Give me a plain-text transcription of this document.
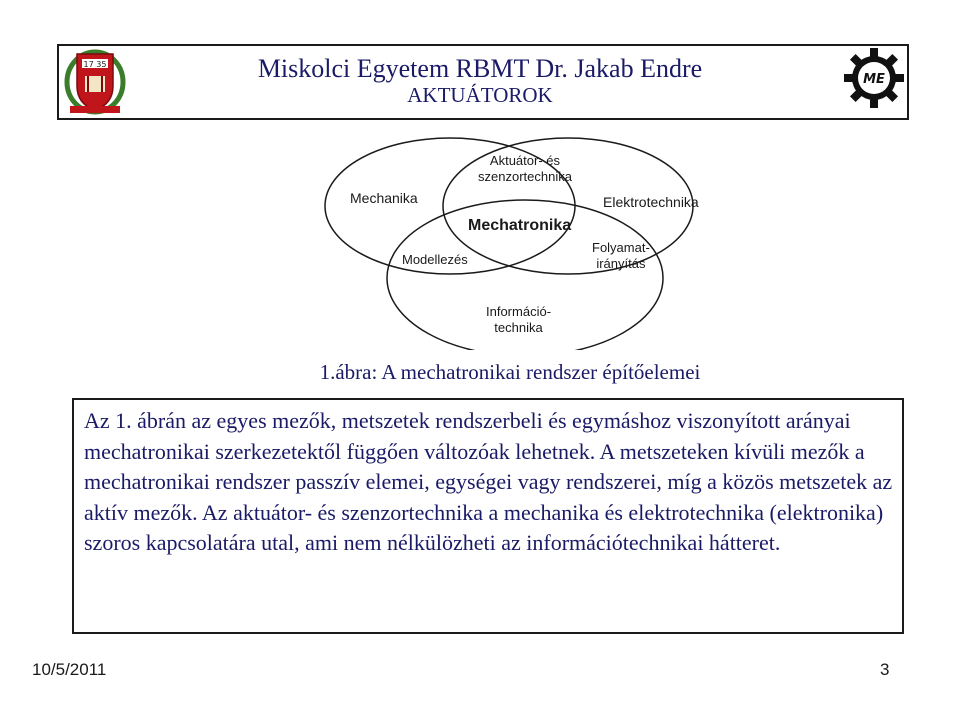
17 35
ME
Miskolci Egyetem RBMT Dr. Jakab Endre
AKTUÁTOROK
Mechanika	Elektrotechnika
Aktuátor- és
szenzortechnika
Mechatronika
Modellezés
Folyamat-
irányítás
Információ-
technika
1.ábra: A mechatronikai rendszer építőelemei
Az 1. ábrán az egyes mezők, metszetek rendszerbeli és egymáshoz viszonyított arányai mechatronikai szerkezetektől függően változóak lehetnek. A metszeteken kívüli mezők a mechatronikai rendszer passzív elemei, egységei vagy rendszerei, míg a közös metszetek az aktív mezők. Az aktuátor- és szenzortechnika a mechanika és elektrotechnika (elektronika) szoros kapcsolatára utal, ami nem nélkülözheti az információtechnikai hátteret.
10/5/2011	3
